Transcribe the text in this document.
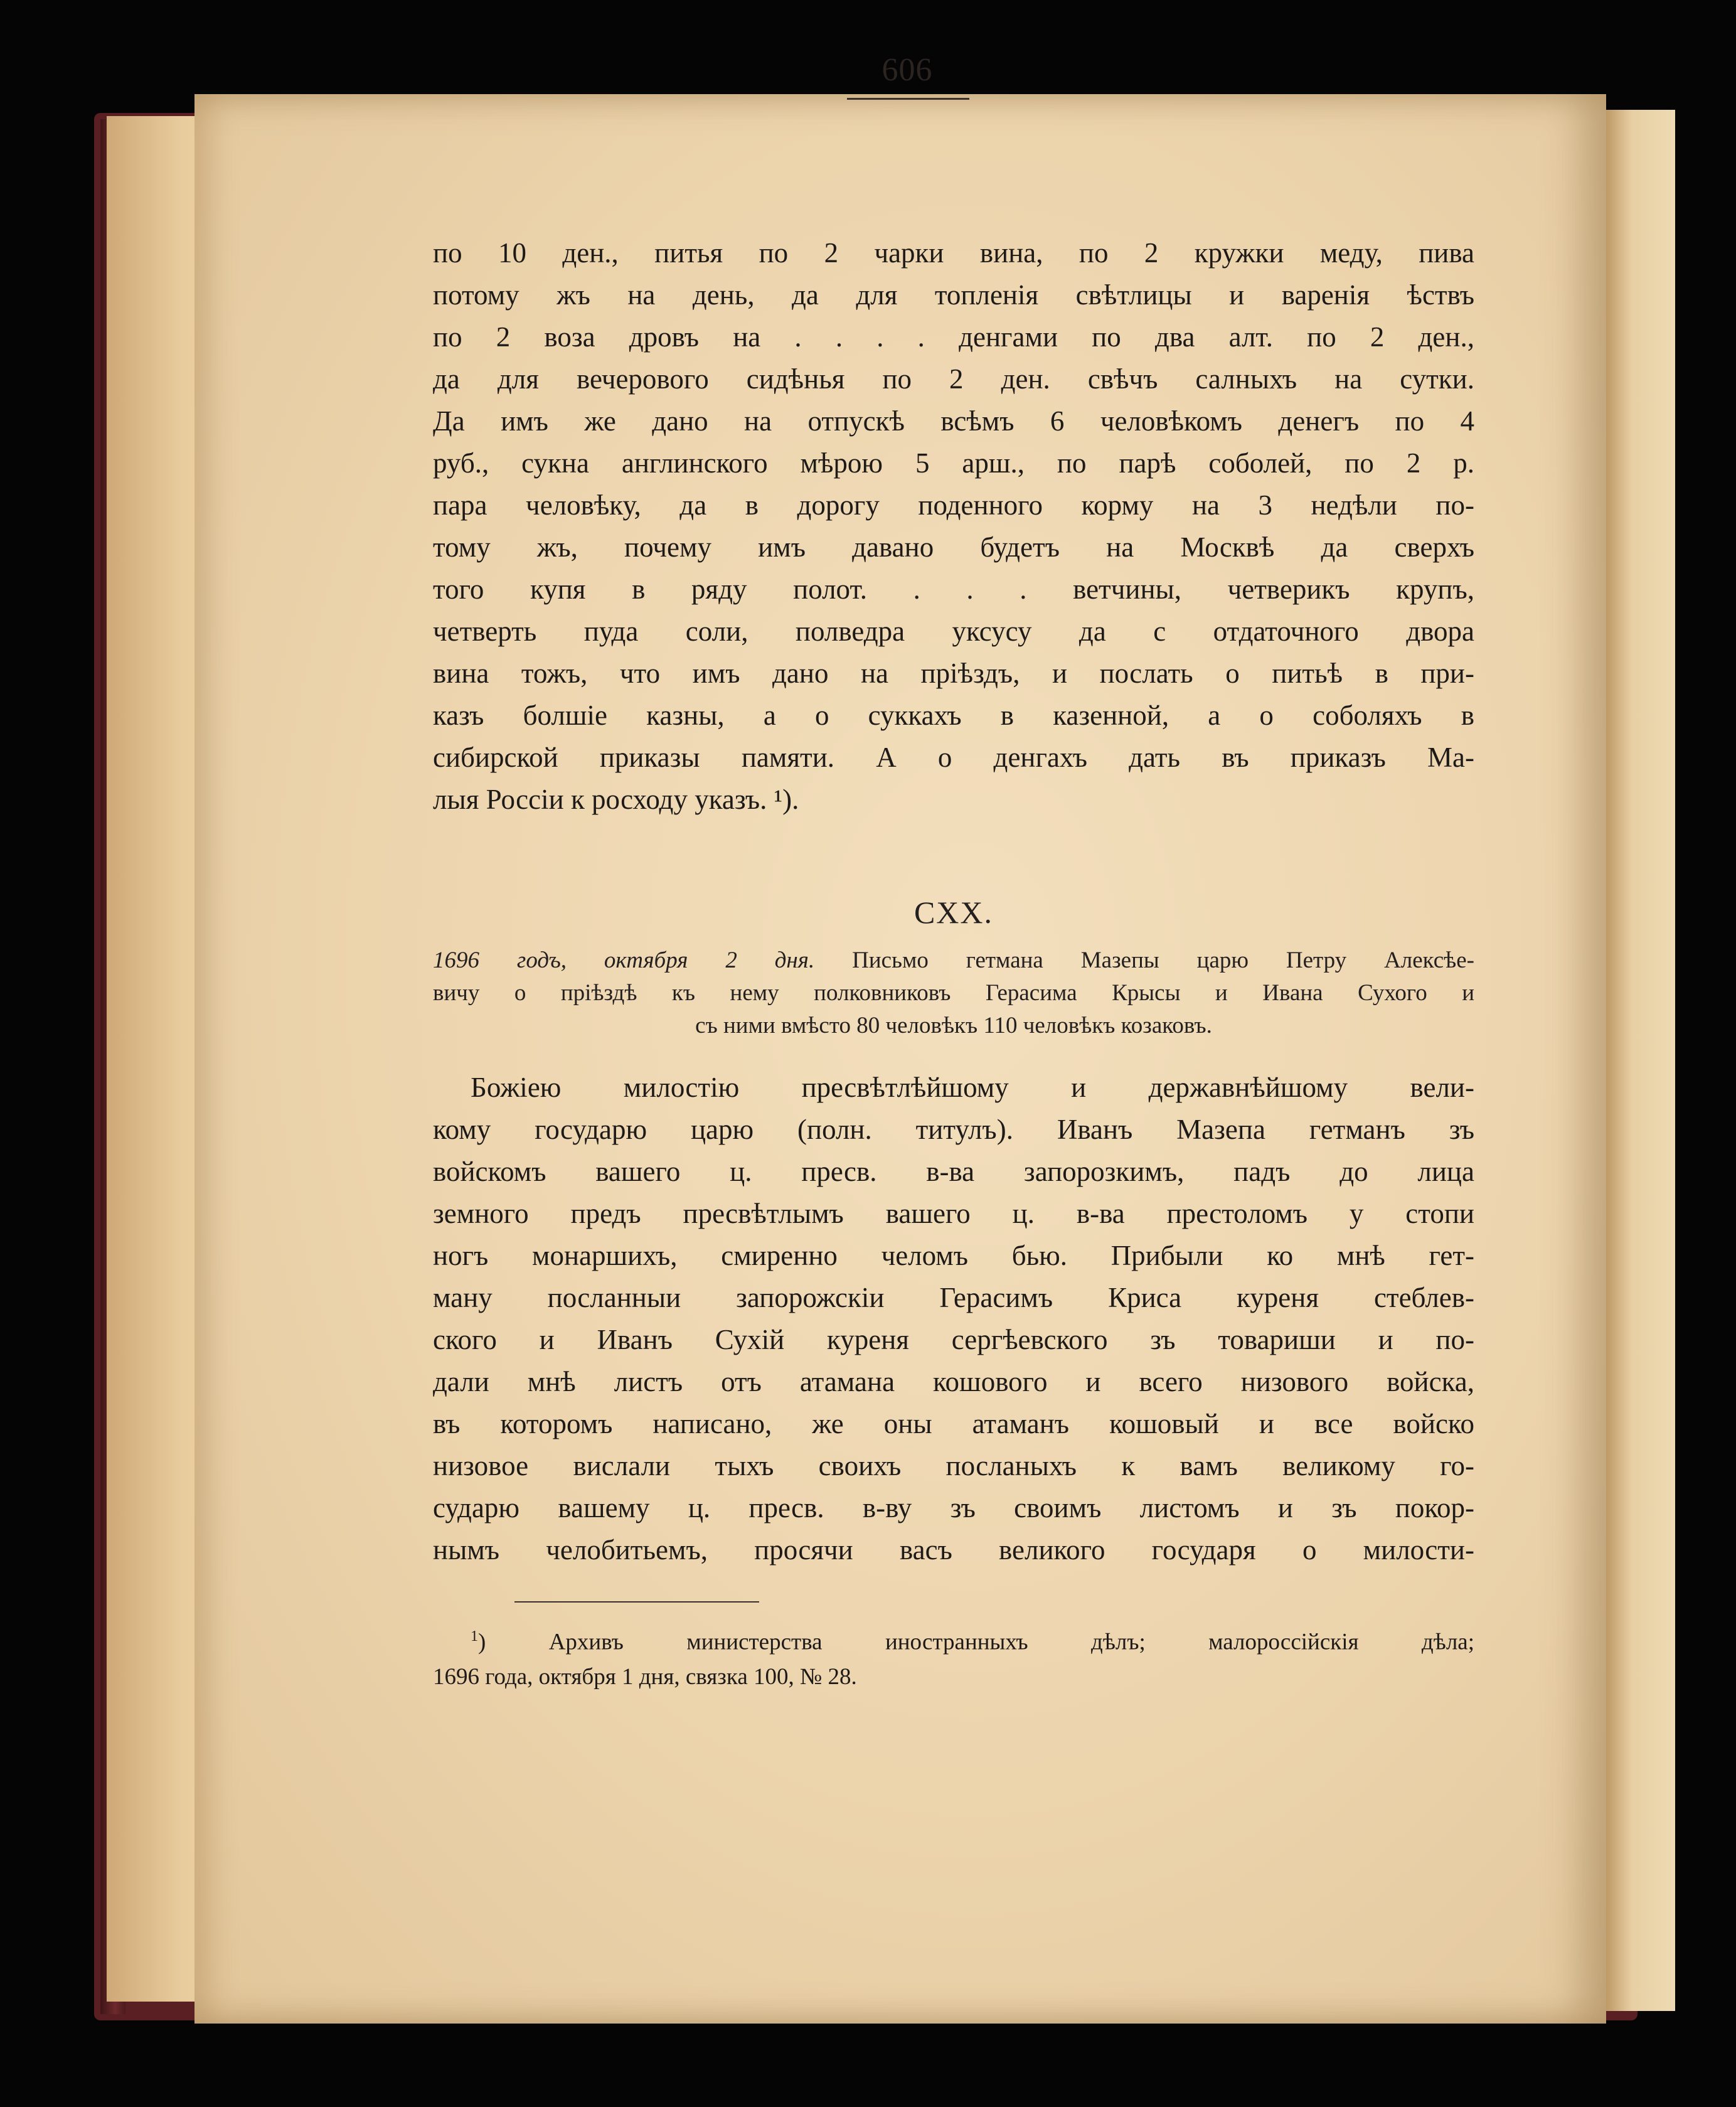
606
по 10 ден., питья по 2 чарки вина, по 2 кружки меду, пива
потому жъ на день, да для топленія свѣтлицы и варенія ѣствъ
по 2 воза дровъ на . . . . денгами по два алт. по 2 ден.,
да для вечерового сидѣнья по 2 ден. свѣчъ салныхъ на сутки.
Да имъ же дано на отпускѣ всѣмъ 6 человѣкомъ денегъ по 4
руб., сукна англинского мѣрою 5 арш., по парѣ соболей, по 2 р.
пара человѣку, да в дорогу поденного корму на 3 недѣли по-
тому жъ, почему имъ давано будетъ на Москвѣ да сверхъ
того купя в ряду полот. . . . ветчины, четверикъ крупъ,
четверть пуда соли, полведра уксусу да с отдаточного двора
вина тожъ, что имъ дано на пріѣздъ, и послать о питьѣ в при-
казъ болшіе казны, а о суккахъ в казенной, а о соболяхъ в
сибирской приказы памяти. А о денгахъ дать въ приказъ Ма-
лыя Россіи к росходу указъ. ¹).
CXX.
1696 годъ, октября 2 дня. Письмо гетмана Мазепы царю Петру Алексѣе-
вичу о пріѣздѣ къ нему полковниковъ Герасима Крысы и Ивана Сухого и
съ ними вмѣсто 80 человѣкъ 110 человѣкъ козаковъ.
Божіею милостію пресвѣтлѣйшому и державнѣйшому вели-
кому государю царю (полн. титулъ). Иванъ Мазепа гетманъ зъ
войскомъ вашего ц. пресв. в-ва запорозкимъ, падъ до лица
земного предъ пресвѣтлымъ вашего ц. в-ва престоломъ у стопи
ногъ монаршихъ, смиренно челомъ бью. Прибыли ко мнѣ гет-
ману посланныи запорожскіи Герасимъ Криса куреня стеблев-
ского и Иванъ Сухій куреня сергѣевского зъ товариши и по-
дали мнѣ листъ отъ атамана кошового и всего низового войска,
въ которомъ написано, же оны атаманъ кошовый и все войско
низовое вислали тыхъ своихъ посланыхъ к вамъ великому го-
сударю вашему ц. пресв. в-ву зъ своимъ листомъ и зъ покор-
нымъ челобитьемъ, просячи васъ великого государя о милости-
$^1$) Архивъ министерства иностранныхъ дѣлъ; малороссійскія дѣла;
1696 года, октября 1 дня, связка 100, № 28.
